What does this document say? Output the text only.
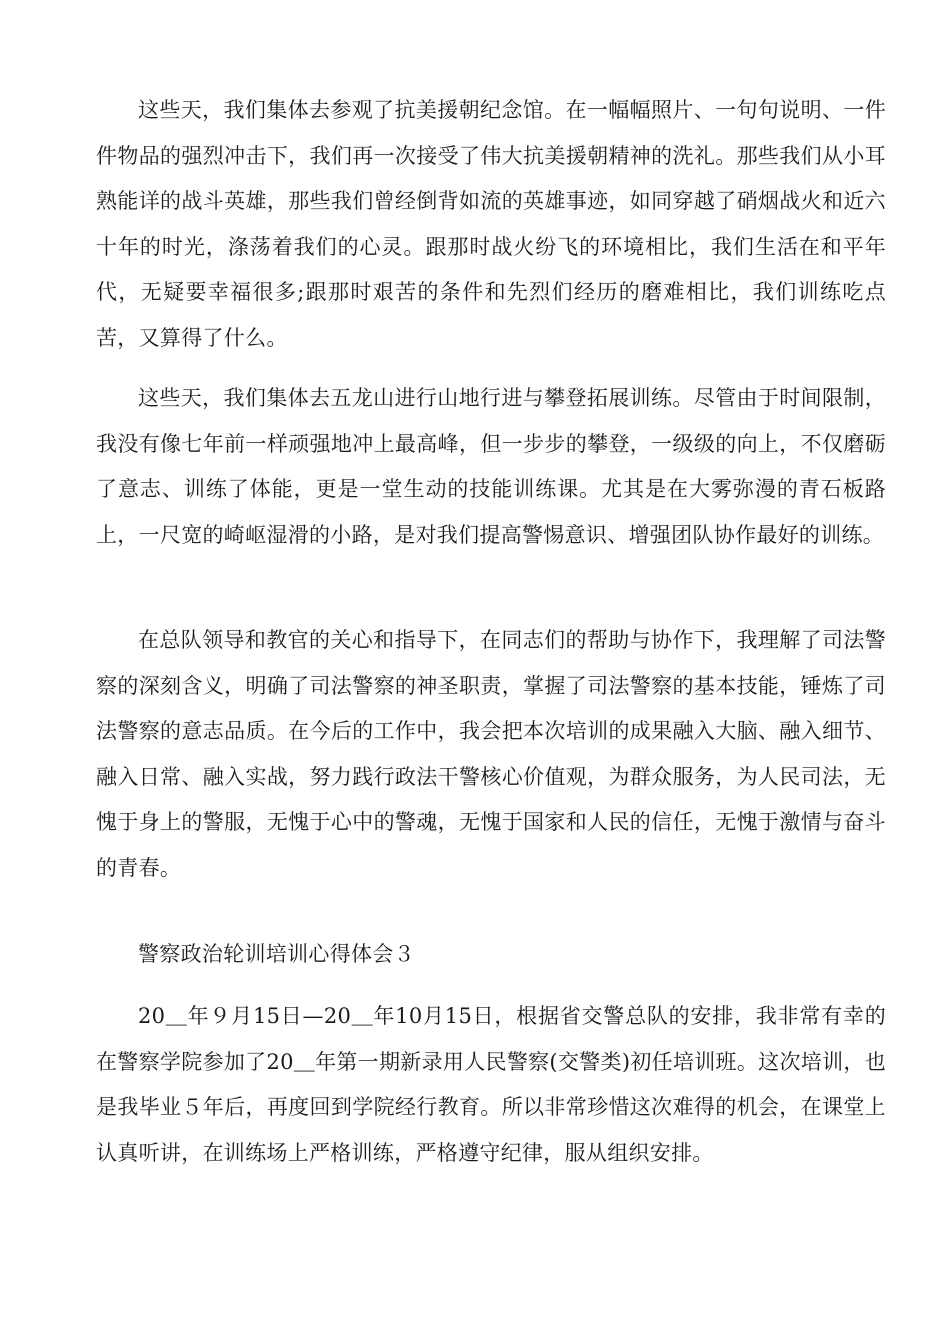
这些天，我们集体去参观了抗美援朝纪念馆。在一幅幅照片、一句句说明、一件件物品的强烈冲击下，我们再一次接受了伟大抗美援朝精神的洗礼。那些我们从小耳熟能详的战斗英雄，那些我们曾经倒背如流的英雄事迹，如同穿越了硝烟战火和近六十年的时光，涤荡着我们的心灵。跟那时战火纷飞的环境相比，我们生活在和平年代，无疑要幸福很多;跟那时艰苦的条件和先烈们经历的磨难相比，我们训练吃点苦，又算得了什么。

这些天，我们集体去五龙山进行山地行进与攀登拓展训练。尽管由于时间限制，我没有像七年前一样顽强地冲上最高峰，但一步步的攀登，一级级的向上，不仅磨砺了意志、训练了体能，更是一堂生动的技能训练课。尤其是在大雾弥漫的青石板路上，一尺宽的崎岖湿滑的小路，是对我们提高警惕意识、增强团队协作最好的训练。

在总队领导和教官的关心和指导下，在同志们的帮助与协作下，我理解了司法警察的深刻含义，明确了司法警察的神圣职责，掌握了司法警察的基本技能，锤炼了司法警察的意志品质。在今后的工作中，我会把本次培训的成果融入大脑、融入细节、融入日常、融入实战，努力践行政法干警核心价值观，为群众服务，为人民司法，无愧于身上的警服，无愧于心中的警魂，无愧于国家和人民的信任，无愧于激情与奋斗的青春。

警察政治轮训培训心得体会３

20＿年９月15日—20＿年10月15日，根据省交警总队的安排，我非常有幸的在警察学院参加了20＿年第一期新录用人民警察(交警类)初任培训班。这次培训，也是我毕业５年后，再度回到学院经行教育。所以非常珍惜这次难得的机会，在课堂上认真听讲，在训练场上严格训练，严格遵守纪律，服从组织安排。
